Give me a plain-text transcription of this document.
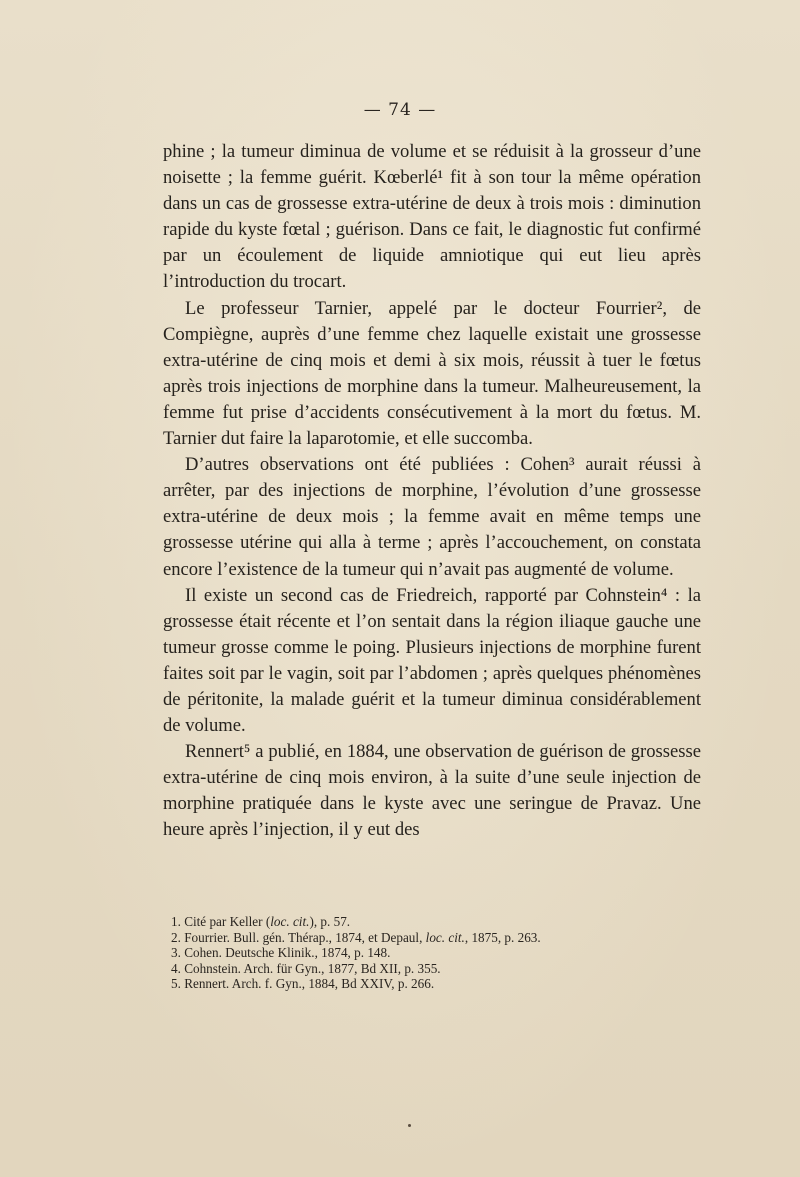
— 74 —

phine ; la tumeur diminua de volume et se réduisit à la grosseur d’une noisette ; la femme guérit. Kœberlé¹ fit à son tour la même opération dans un cas de grossesse extra-utérine de deux à trois mois : diminution rapide du kyste fœtal ; guérison. Dans ce fait, le diagnostic fut confirmé par un écoulement de liquide amniotique qui eut lieu après l’introduction du trocart.

Le professeur Tarnier, appelé par le docteur Fourrier², de Compiègne, auprès d’une femme chez laquelle existait une grossesse extra-utérine de cinq mois et demi à six mois, réussit à tuer le fœtus après trois injections de morphine dans la tumeur. Malheureusement, la femme fut prise d’accidents consécutivement à la mort du fœtus. M. Tarnier dut faire la laparotomie, et elle succomba.

D’autres observations ont été publiées : Cohen³ aurait réussi à arrêter, par des injections de morphine, l’évolution d’une grossesse extra-utérine de deux mois ; la femme avait en même temps une grossesse utérine qui alla à terme ; après l’accouchement, on constata encore l’existence de la tumeur qui n’avait pas augmenté de volume.

Il existe un second cas de Friedreich, rapporté par Cohnstein⁴ : la grossesse était récente et l’on sentait dans la région iliaque gauche une tumeur grosse comme le poing. Plusieurs injections de morphine furent faites soit par le vagin, soit par l’abdomen ; après quelques phénomènes de péritonite, la malade guérit et la tumeur diminua considérablement de volume.

Rennert⁵ a publié, en 1884, une observation de guérison de grossesse extra-utérine de cinq mois environ, à la suite d’une seule injection de morphine pratiquée dans le kyste avec une seringue de Pravaz. Une heure après l’injection, il y eut des

1. Cité par Keller (loc. cit.), p. 57.
2. Fourrier. Bull. gén. Thérap., 1874, et Depaul, loc. cit., 1875, p. 263.
3. Cohen. Deutsche Klinik., 1874, p. 148.
4. Cohnstein. Arch. für Gyn., 1877, Bd XII, p. 355.
5. Rennert. Arch. f. Gyn., 1884, Bd XXIV, p. 266.
